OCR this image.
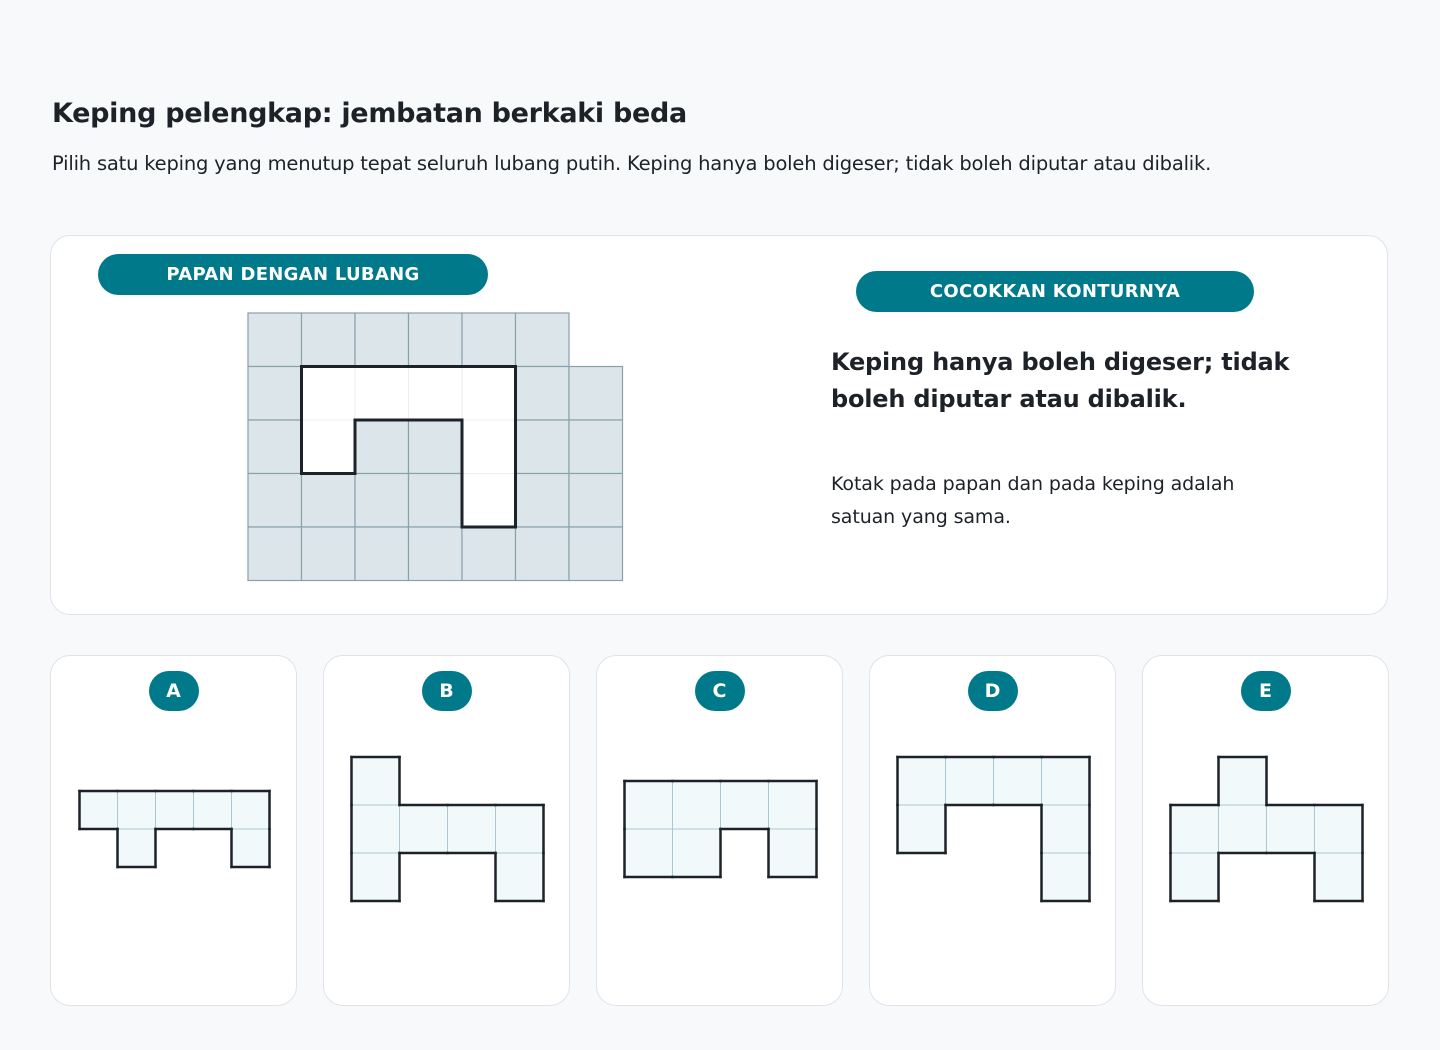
Keping pelengkap: jembatan berkaki beda

Pilih satu keping yang menutup tepat seluruh lubang putih. Keping hanya boleh digeser; tidak boleh diputar atau dibalik.

PAPAN DENGAN LUBANG
COCOKKAN KONTURNYA

Keping hanya boleh digeser; tidak boleh diputar atau dibalik.

Kotak pada papan dan pada keping adalah satuan yang sama.

A	B	C	D	E
